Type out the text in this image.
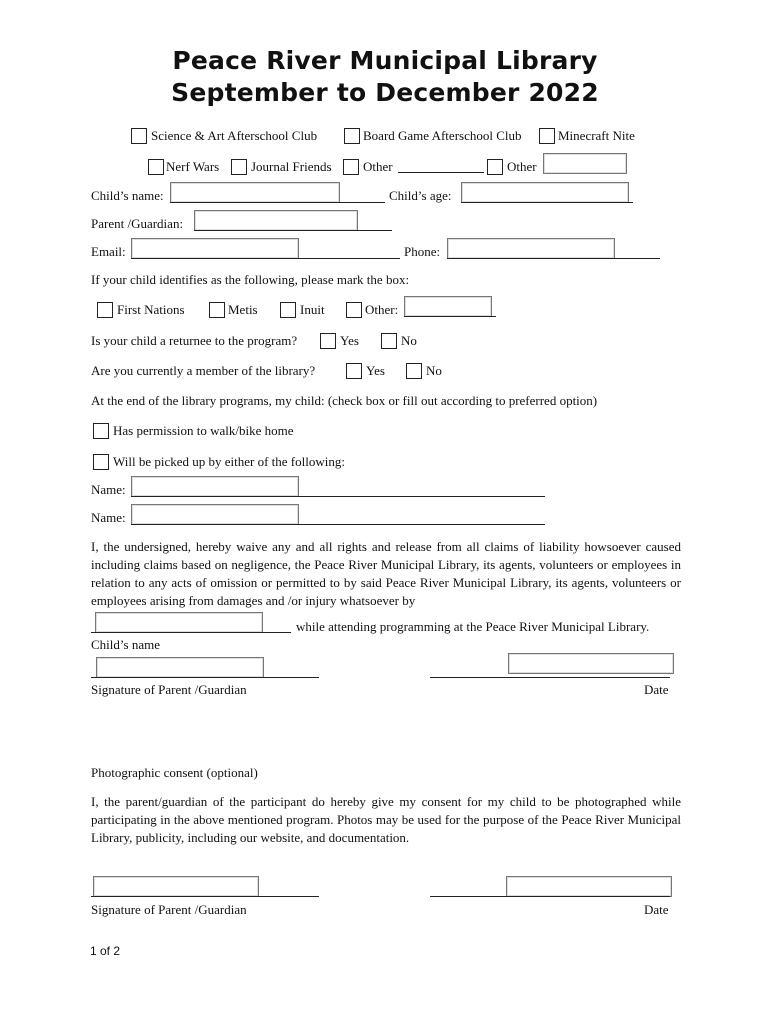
Peace River Municipal Library
September to December 2022
Science & Art Afterschool Club	Board Game Afterschool Club	Minecraft Nite
Nerf Wars Journal Friends Other	Other
Child’s name:	Child’s age:
Parent /Guardian:
Email:	Phone:
If your child identifies as the following, please mark the box:
First Nations	Metis	Inuit	Other:
Is your child a returnee to the program?	Yes	No
Are you currently a member of the library?	Yes	No
At the end of the library programs, my child: (check box or fill out according to preferred option)
Has permission to walk/bike home
Will be picked up by either of the following:
Name:
Name:
I, the undersigned, hereby waive any and all rights and release from all claims of liability howsoever caused including claims based on negligence, the Peace River Municipal Library, its agents, volunteers or employees in relation to any acts of omission or permitted to by said Peace River Municipal Library, its agents, volunteers or employees arising from damages and /or injury whatsoever by
while attending programming at the Peace River Municipal Library.
Child’s name
Signature of Parent /Guardian	Date
Photographic consent (optional)
I, the parent/guardian of the participant do hereby give my consent for my child to be photographed while participating in the above mentioned program. Photos may be used for the purpose of the Peace River Municipal Library, publicity, including our website, and documentation.
Signature of Parent /Guardian	Date
1 of 2
